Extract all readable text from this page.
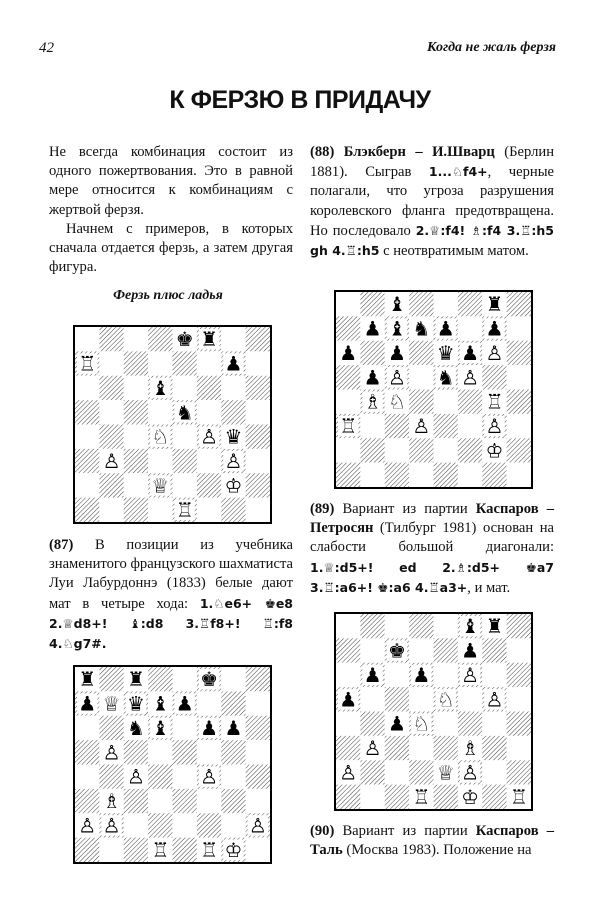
42	Когда не жаль ферзя
К ФЕРЗЮ В ПРИДАЧУ

Не всегда комбинация состоит из одного пожертвования. Это в равной мере относится к комбинациям с жертвой ферзя.

Начнем с примеров, в которых сначала отдается ферзь, а затем другая фигура.

Ферзь плюс ладья
♚ ♜
♖	♟
♝
♞
♘ ♙ ♛
♙	♙
♕	♔
♖

(87) В позиции из учебника знаменитого французского шахматиста Луи Лабурдоннэ (1833) белые дают мат в четыре хода: 1.♘e6+ ♚e8 2.♕d8+! ♝:d8 3.♖f8+! ♖:f8 4.♘g7#.

♜ ♜	♚
♟ ♕ ♛ ♝ ♟
♞ ♝ ♟ ♟
♙
♙	♙
♗
♙ ♙	♙
♔
♖ ♖

(88) Блэкберн – И.Шварц (Берлин 1881). Сыграв 1...♘f4+, черные полагали, что угроза разрушения королевского фланга предотвращена. Но последовало 2.♕:f4! ♗:f4 3.♖:h5 gh 4.♖:h5 с неотвратимым матом.

♝	♜
♟ ♝ ♞ ♟ ♟
♟ ♟ ♛ ♟ ♙
♟ ♙ ♞ ♙
♗ ♘	♖
♖	♙	♙
♔

(89) Вариант из партии Каспаров – Петросян (Тилбург 1981) основан на слабости большой диагонали: 1.♕:d5+! ed 2.♗:d5+ ♚a7 3.♖:a6+! ♚:a6 4.♖a3+, и мат.

♝ ♜
♚	♟
♟ ♟ ♙
♟	♘ ♙
♟ ♘
♙	♗
♙	♕ ♙
♔
♖	♖

(90) Вариант из партии Каспаров – Таль (Москва 1983). Положение на
